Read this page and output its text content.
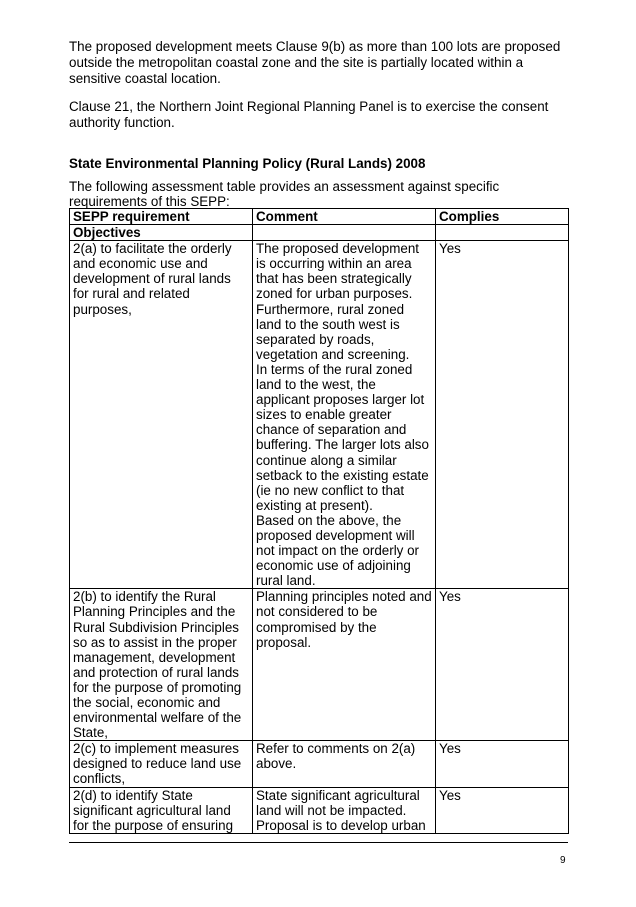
The proposed development meets Clause 9(b) as more than 100 lots are proposed outside the metropolitan coastal zone and the site is partially located within a sensitive coastal location.

Clause 21, the Northern Joint Regional Planning Panel is to exercise the consent authority function.

State Environmental Planning Policy (Rural Lands) 2008

The following assessment table provides an assessment against specific requirements of this SEPP:

SEPP requirement	Comment	Complies
Objectives		
2(a) to facilitate the orderly and economic use and development of rural lands for rural and related purposes,	The proposed development is occurring within an area that has been strategically zoned for urban purposes. Furthermore, rural zoned land to the south west is separated by roads, vegetation and screening.
In terms of the rural zoned land to the west, the applicant proposes larger lot sizes to enable greater chance of separation and buffering. The larger lots also continue along a similar setback to the existing estate (ie no new conflict to that existing at present).
Based on the above, the proposed development will not impact on the orderly or economic use of adjoining rural land.	Yes
2(b) to identify the Rural Planning Principles and the Rural Subdivision Principles so as to assist in the proper management, development and protection of rural lands for the purpose of promoting the social, economic and environmental welfare of the State,	Planning principles noted and not considered to be compromised by the proposal.	Yes
2(c) to implement measures designed to reduce land use conflicts,	Refer to comments on 2(a) above.	Yes
2(d) to identify State significant agricultural land for the purpose of ensuring	State significant agricultural land will not be impacted. Proposal is to develop urban	Yes
9
